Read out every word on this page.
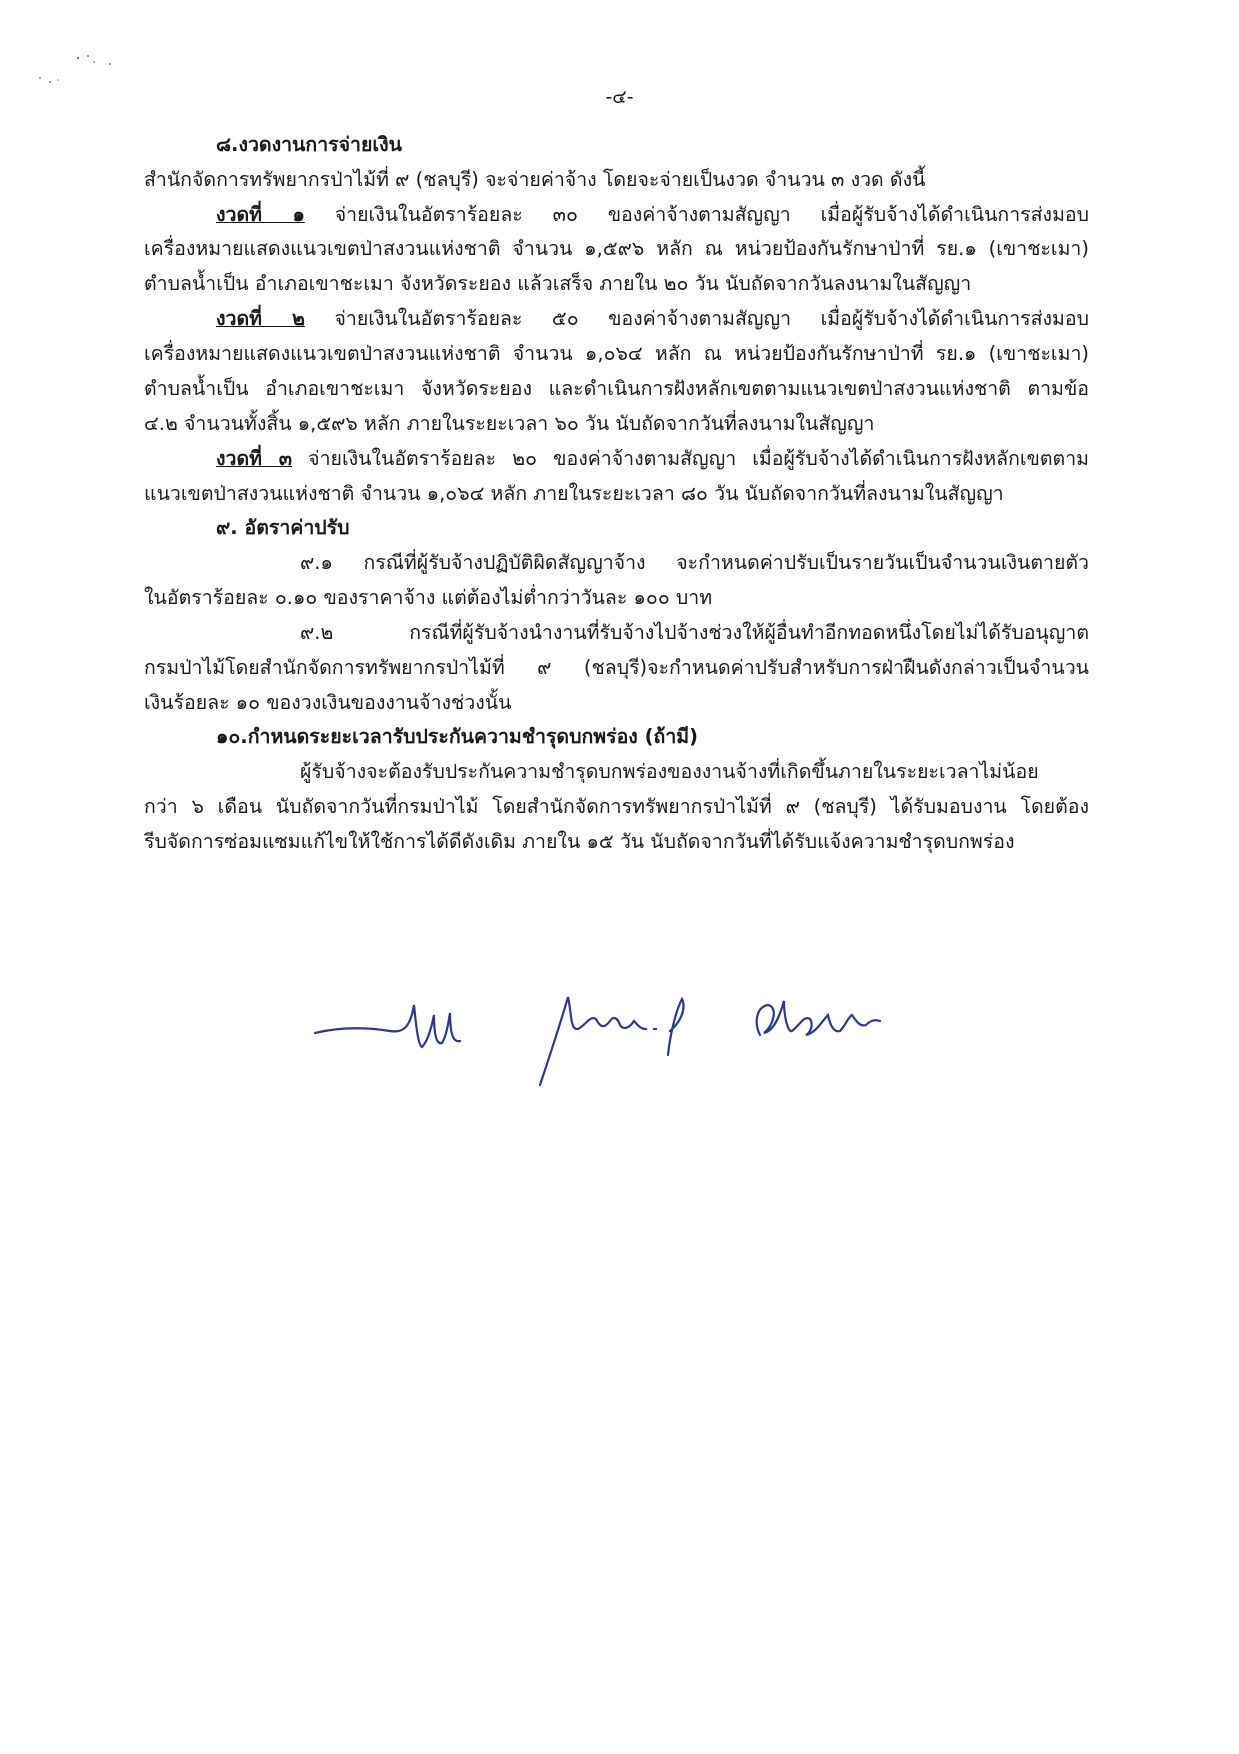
-๔-
๘.งวดงานการจ่ายเงิน
สำนักจัดการทรัพยากรป่าไม้ที่ ๙ (ชลบุรี) จะจ่ายค่าจ้าง โดยจะจ่ายเป็นงวด จำนวน ๓ งวด ดังนี้
งวดที่ ๑ จ่ายเงินในอัตราร้อยละ ๓๐ ของค่าจ้างตามสัญญา เมื่อผู้รับจ้างได้ดำเนินการส่งมอบ
เครื่องหมายแสดงแนวเขตป่าสงวนแห่งชาติ จำนวน ๑,๕๙๖ หลัก ณ หน่วยป้องกันรักษาป่าที่ รย.๑ (เขาชะเมา)
ตำบลน้ำเป็น อำเภอเขาชะเมา จังหวัดระยอง แล้วเสร็จ ภายใน ๒๐ วัน นับถัดจากวันลงนามในสัญญา
งวดที่ ๒ จ่ายเงินในอัตราร้อยละ ๕๐ ของค่าจ้างตามสัญญา เมื่อผู้รับจ้างได้ดำเนินการส่งมอบ
เครื่องหมายแสดงแนวเขตป่าสงวนแห่งชาติ จำนวน ๑,๐๖๔ หลัก ณ หน่วยป้องกันรักษาป่าที่ รย.๑ (เขาชะเมา)
ตำบลน้ำเป็น อำเภอเขาชะเมา จังหวัดระยอง และดำเนินการฝังหลักเขตตามแนวเขตป่าสงวนแห่งชาติ ตามข้อ
๔.๒ จำนวนทั้งสิ้น ๑,๕๙๖ หลัก ภายในระยะเวลา ๖๐ วัน นับถัดจากวันที่ลงนามในสัญญา
งวดที่ ๓ จ่ายเงินในอัตราร้อยละ ๒๐ ของค่าจ้างตามสัญญา เมื่อผู้รับจ้างได้ดำเนินการฝังหลักเขตตาม
แนวเขตป่าสงวนแห่งชาติ จำนวน ๑,๐๖๔ หลัก ภายในระยะเวลา ๘๐ วัน นับถัดจากวันที่ลงนามในสัญญา
๙. อัตราค่าปรับ
๙.๑ กรณีที่ผู้รับจ้างปฏิบัติผิดสัญญาจ้าง จะกำหนดค่าปรับเป็นรายวันเป็นจำนวนเงินตายตัว
ในอัตราร้อยละ ๐.๑๐ ของราคาจ้าง แต่ต้องไม่ต่ำกว่าวันละ ๑๐๐ บาท
๙.๒ กรณีที่ผู้รับจ้างนำงานที่รับจ้างไปจ้างช่วงให้ผู้อื่นทำอีกทอดหนึ่งโดยไม่ได้รับอนุญาต
กรมป่าไม้โดยสำนักจัดการทรัพยากรป่าไม้ที่ ๙ (ชลบุรี)จะกำหนดค่าปรับสำหรับการฝ่าฝืนดังกล่าวเป็นจำนวน
เงินร้อยละ ๑๐ ของวงเงินของงานจ้างช่วงนั้น
๑๐.กำหนดระยะเวลารับประกันความชำรุดบกพร่อง (ถ้ามี)
ผู้รับจ้างจะต้องรับประกันความชำรุดบกพร่องของงานจ้างที่เกิดขึ้นภายในระยะเวลาไม่น้อย
กว่า ๖ เดือน นับถัดจากวันที่กรมป่าไม้ โดยสำนักจัดการทรัพยากรป่าไม้ที่ ๙ (ชลบุรี) ได้รับมอบงาน โดยต้อง
รีบจัดการซ่อมแซมแก้ไขให้ใช้การได้ดีดังเดิม ภายใน ๑๕ วัน นับถัดจากวันที่ได้รับแจ้งความชำรุดบกพร่อง
